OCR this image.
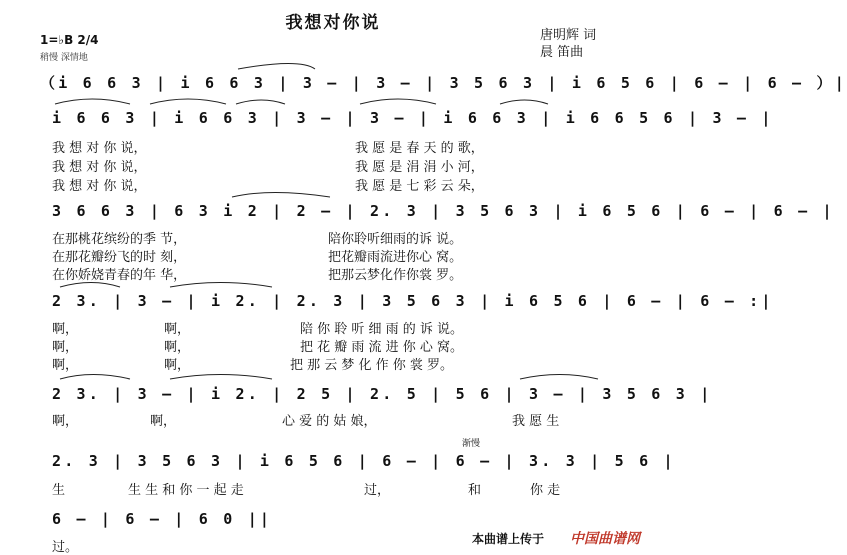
我想对你说
唐明辉 词
晨 笛曲
1=♭B 2/4
稍慢 深情地
（i 6 6 3 | i 6 6 3 | 3 – | 3 – | 3 5 6 3 | i 6 5 6 | 6 – | 6 – ）|
i 6 6 3 | i 6 6 3 | 3 – | 3 – | i 6 6 3 | i 6 6 5 6 | 3 – |
3 6 6 3 | 6 3 i 2 | 2 – | 2. 3 | 3 5 6 3 | i 6 5 6 | 6 – | 6 – |
2 3. | 3 – | i 2. | 2. 3 | 3 5 6 3 | i 6 5 6 | 6 – | 6 – :|
2 3. | 3 – | i 2. | 2 5 | 2. 5 | 5 6 | 3 – | 3 5 6 3 |
2. 3 | 3 5 6 3 | i 6 5 6 | 6 – | 6 – | 3. 3 | 5 6 |
6 – | 6 – | 6 0 ||
渐慢
我 想 对 你 说，	我 愿 是 春 天 的 歌，
我 想 对 你 说，	我 愿 是 涓 涓 小 河，
我 想 对 你 说，	我 愿 是 七 彩 云 朵，
在那桃花缤纷的季 节，	陪你聆听细雨的诉 说。
在那花瓣纷飞的时 刻，	把花瓣雨流进你心 窝。
在你娇娆青春的年 华，	把那云梦化作你裳 罗。
啊，	啊，	陪 你 聆 听 细 雨 的 诉 说。
啊，	啊，	把 花 瓣 雨 流 进 你 心 窝。
啊，	啊，	把 那 云 梦 化 作 你 裳 罗。
啊，	啊，	心 爱 的 姑 娘，	我 愿 生
生	生 生 和 你 一 起 走	过，	和	你 走
过。
本曲谱上传于 中国曲谱网
